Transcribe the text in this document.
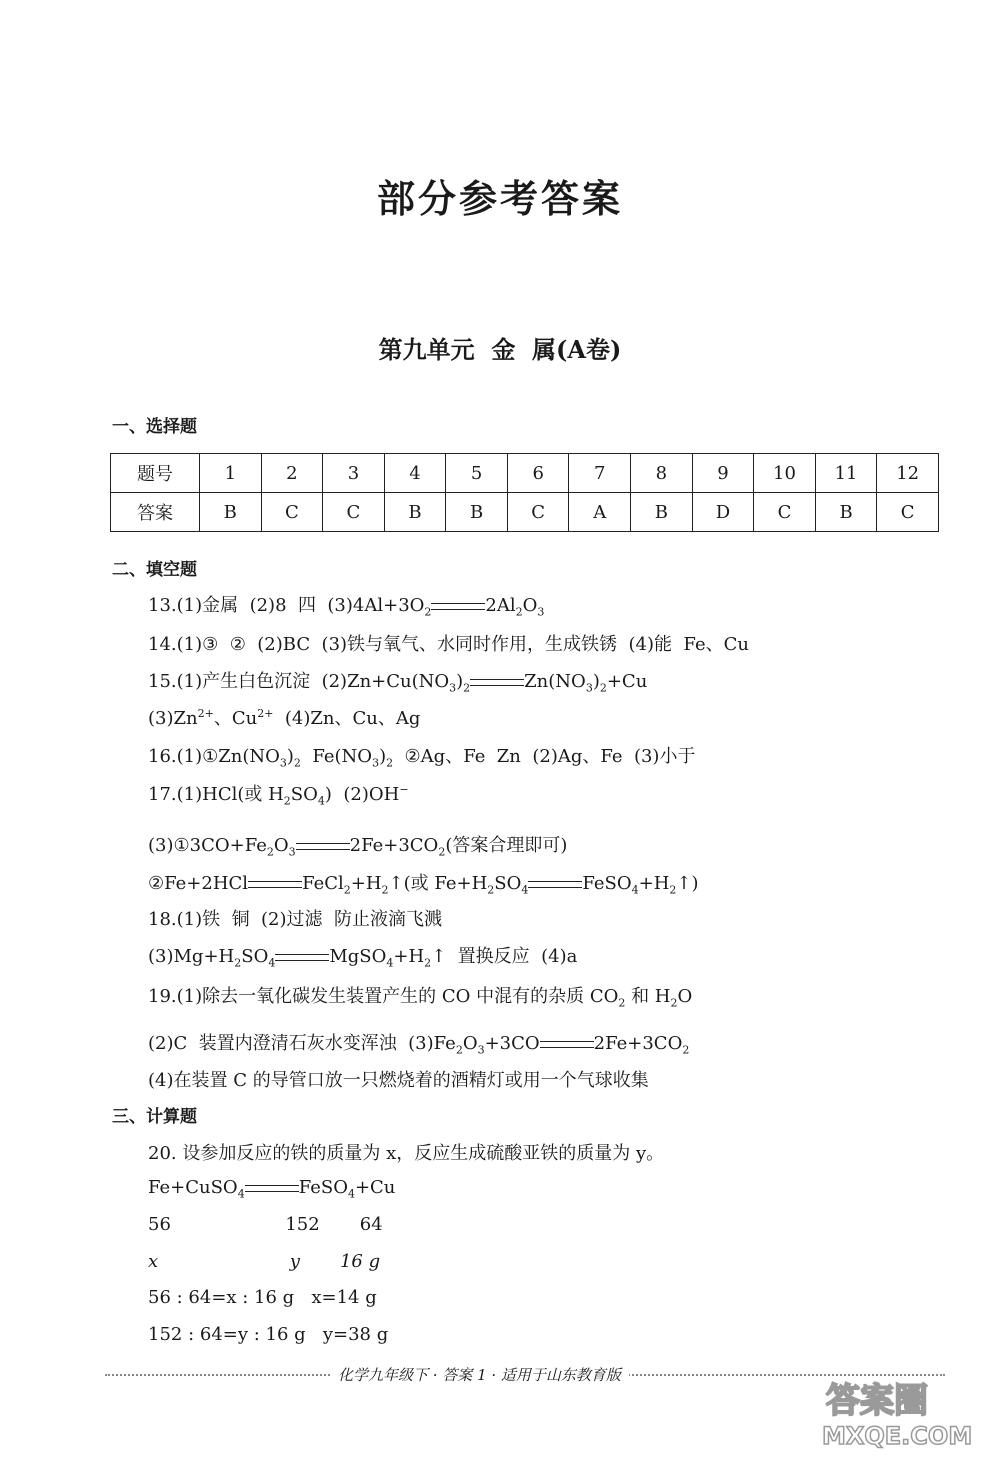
部分参考答案
第九单元  金  属(A卷)
一、选择题
题号	1	2	3	4	5	6	7	8	9	10	11	12
答案	B	C	C	B	B	C	A	B	D	C	B	C
二、填空题
13.(1)金属  (2)8  四  $(3)4Al+3O_2$	$2Al_2O_3$
14.(1)③  ②  (2)BC  (3)铁与氧气、水同时作用，生成铁锈  (4)能  Fe、Cu
15.(1)产生白色沉淀  $(2)Zn+Cu(NO_3)_2$	$Zn(NO_3)_2+Cu$
$(3)Zn^{2+}$、$Cu^{2+}$  (4)Zn、Cu、Ag
$16.(1)①Zn(NO_3)_2$  $Fe(NO_3)_2$  ②Ag、Fe  Zn  (2)Ag、Fe  (3)小于
17.(1)HCl(或 $H_2SO_4$)  (2)OH−
$(3)①3CO+Fe_2O_3$	$2Fe+3CO_2$(答案合理即可)
②Fe+2HCl	$FeCl_2+H_2↑$(或 $Fe+H_2SO_4$	$FeSO_4+H_2↑$)
18.(1)铁  铜  (2)过滤  防止液滴飞溅
$(3)Mg+H_2SO_4$	$MgSO_4+H_2↑$  置换反应  (4)a
19.(1)除去一氧化碳发生装置产生的 CO 中混有的杂质 $CO_2$ 和 $H_2O$
(2)C  装置内澄清石灰水变浑浊  $(3)Fe_2O_3+3CO$	$2Fe+3CO_2$
(4)在装置 C 的导管口放一只燃烧着的酒精灯或用一个气球收集
三、计算题
20. 设参加反应的铁的质量为 x，反应生成硫酸亚铁的质量为 y。
Fe+CuSO$_4$	FeSO$_4$+Cu
56                    152       64
x                       y       16 g
56 : 64=x : 16 g   x=14 g
152 : 64=y : 16 g   y=38 g
化学九年级下 · 答案 1 · 适用于山东教育版
答案圈
MXQE.COM
